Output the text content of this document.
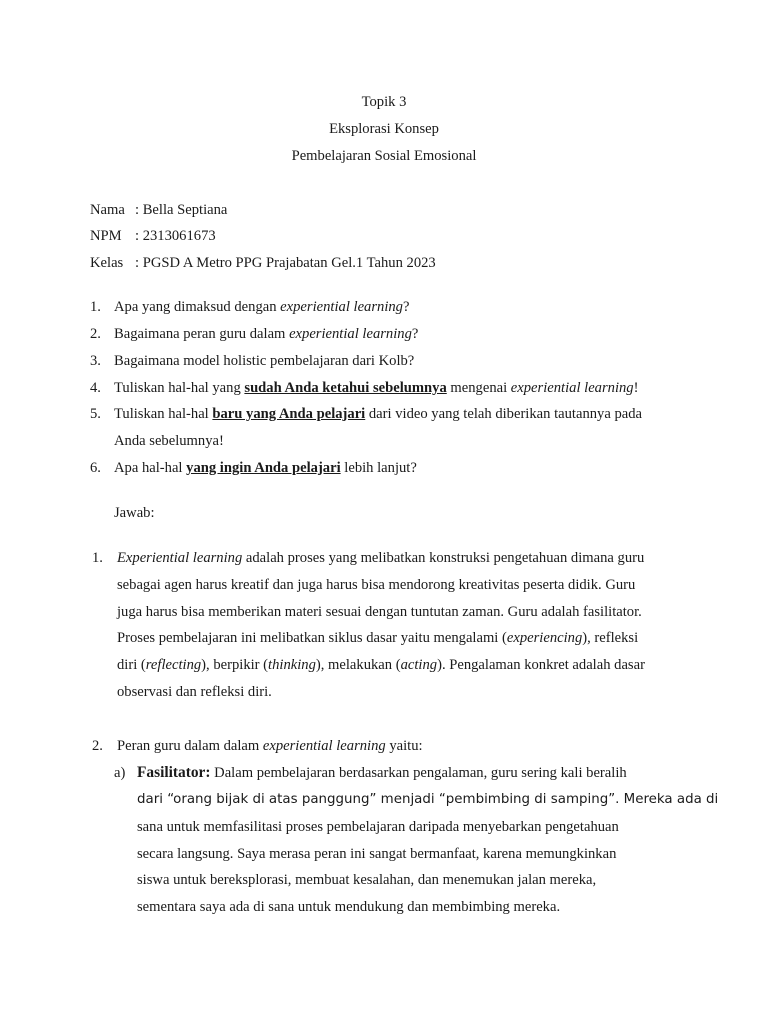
Topik 3
Eksplorasi Konsep
Pembelajaran Sosial Emosional
Nama : Bella Septiana
NPM : 2313061673
Kelas : PGSD A Metro PPG Prajabatan Gel.1 Tahun 2023
1. Apa yang dimaksud dengan experiential learning?
2. Bagaimana peran guru dalam experiential learning?
3. Bagaimana model holistic pembelajaran dari Kolb?
4. Tuliskan hal-hal yang sudah Anda ketahui sebelumnya mengenai experiential learning!
5. Tuliskan hal-hal baru yang Anda pelajari dari video yang telah diberikan tautannya pada
Anda sebelumnya!
6. Apa hal-hal yang ingin Anda pelajari lebih lanjut?
Jawab:
1. Experiential learning adalah proses yang melibatkan konstruksi pengetahuan dimana guru
sebagai agen harus kreatif dan juga harus bisa mendorong kreativitas peserta didik. Guru
juga harus bisa memberikan materi sesuai dengan tuntutan zaman. Guru adalah fasilitator.
Proses pembelajaran ini melibatkan siklus dasar yaitu mengalami (experiencing), refleksi
diri (reflecting), berpikir (thinking), melakukan (acting). Pengalaman konkret adalah dasar
observasi dan refleksi diri.
2. Peran guru dalam dalam experiential learning yaitu:
a) Fasilitator: Dalam pembelajaran berdasarkan pengalaman, guru sering kali beralih
dari “orang bijak di atas panggung” menjadi “pembimbing di samping”. Mereka ada di
sana untuk memfasilitasi proses pembelajaran daripada menyebarkan pengetahuan
secara langsung. Saya merasa peran ini sangat bermanfaat, karena memungkinkan
siswa untuk bereksplorasi, membuat kesalahan, dan menemukan jalan mereka,
sementara saya ada di sana untuk mendukung dan membimbing mereka.
